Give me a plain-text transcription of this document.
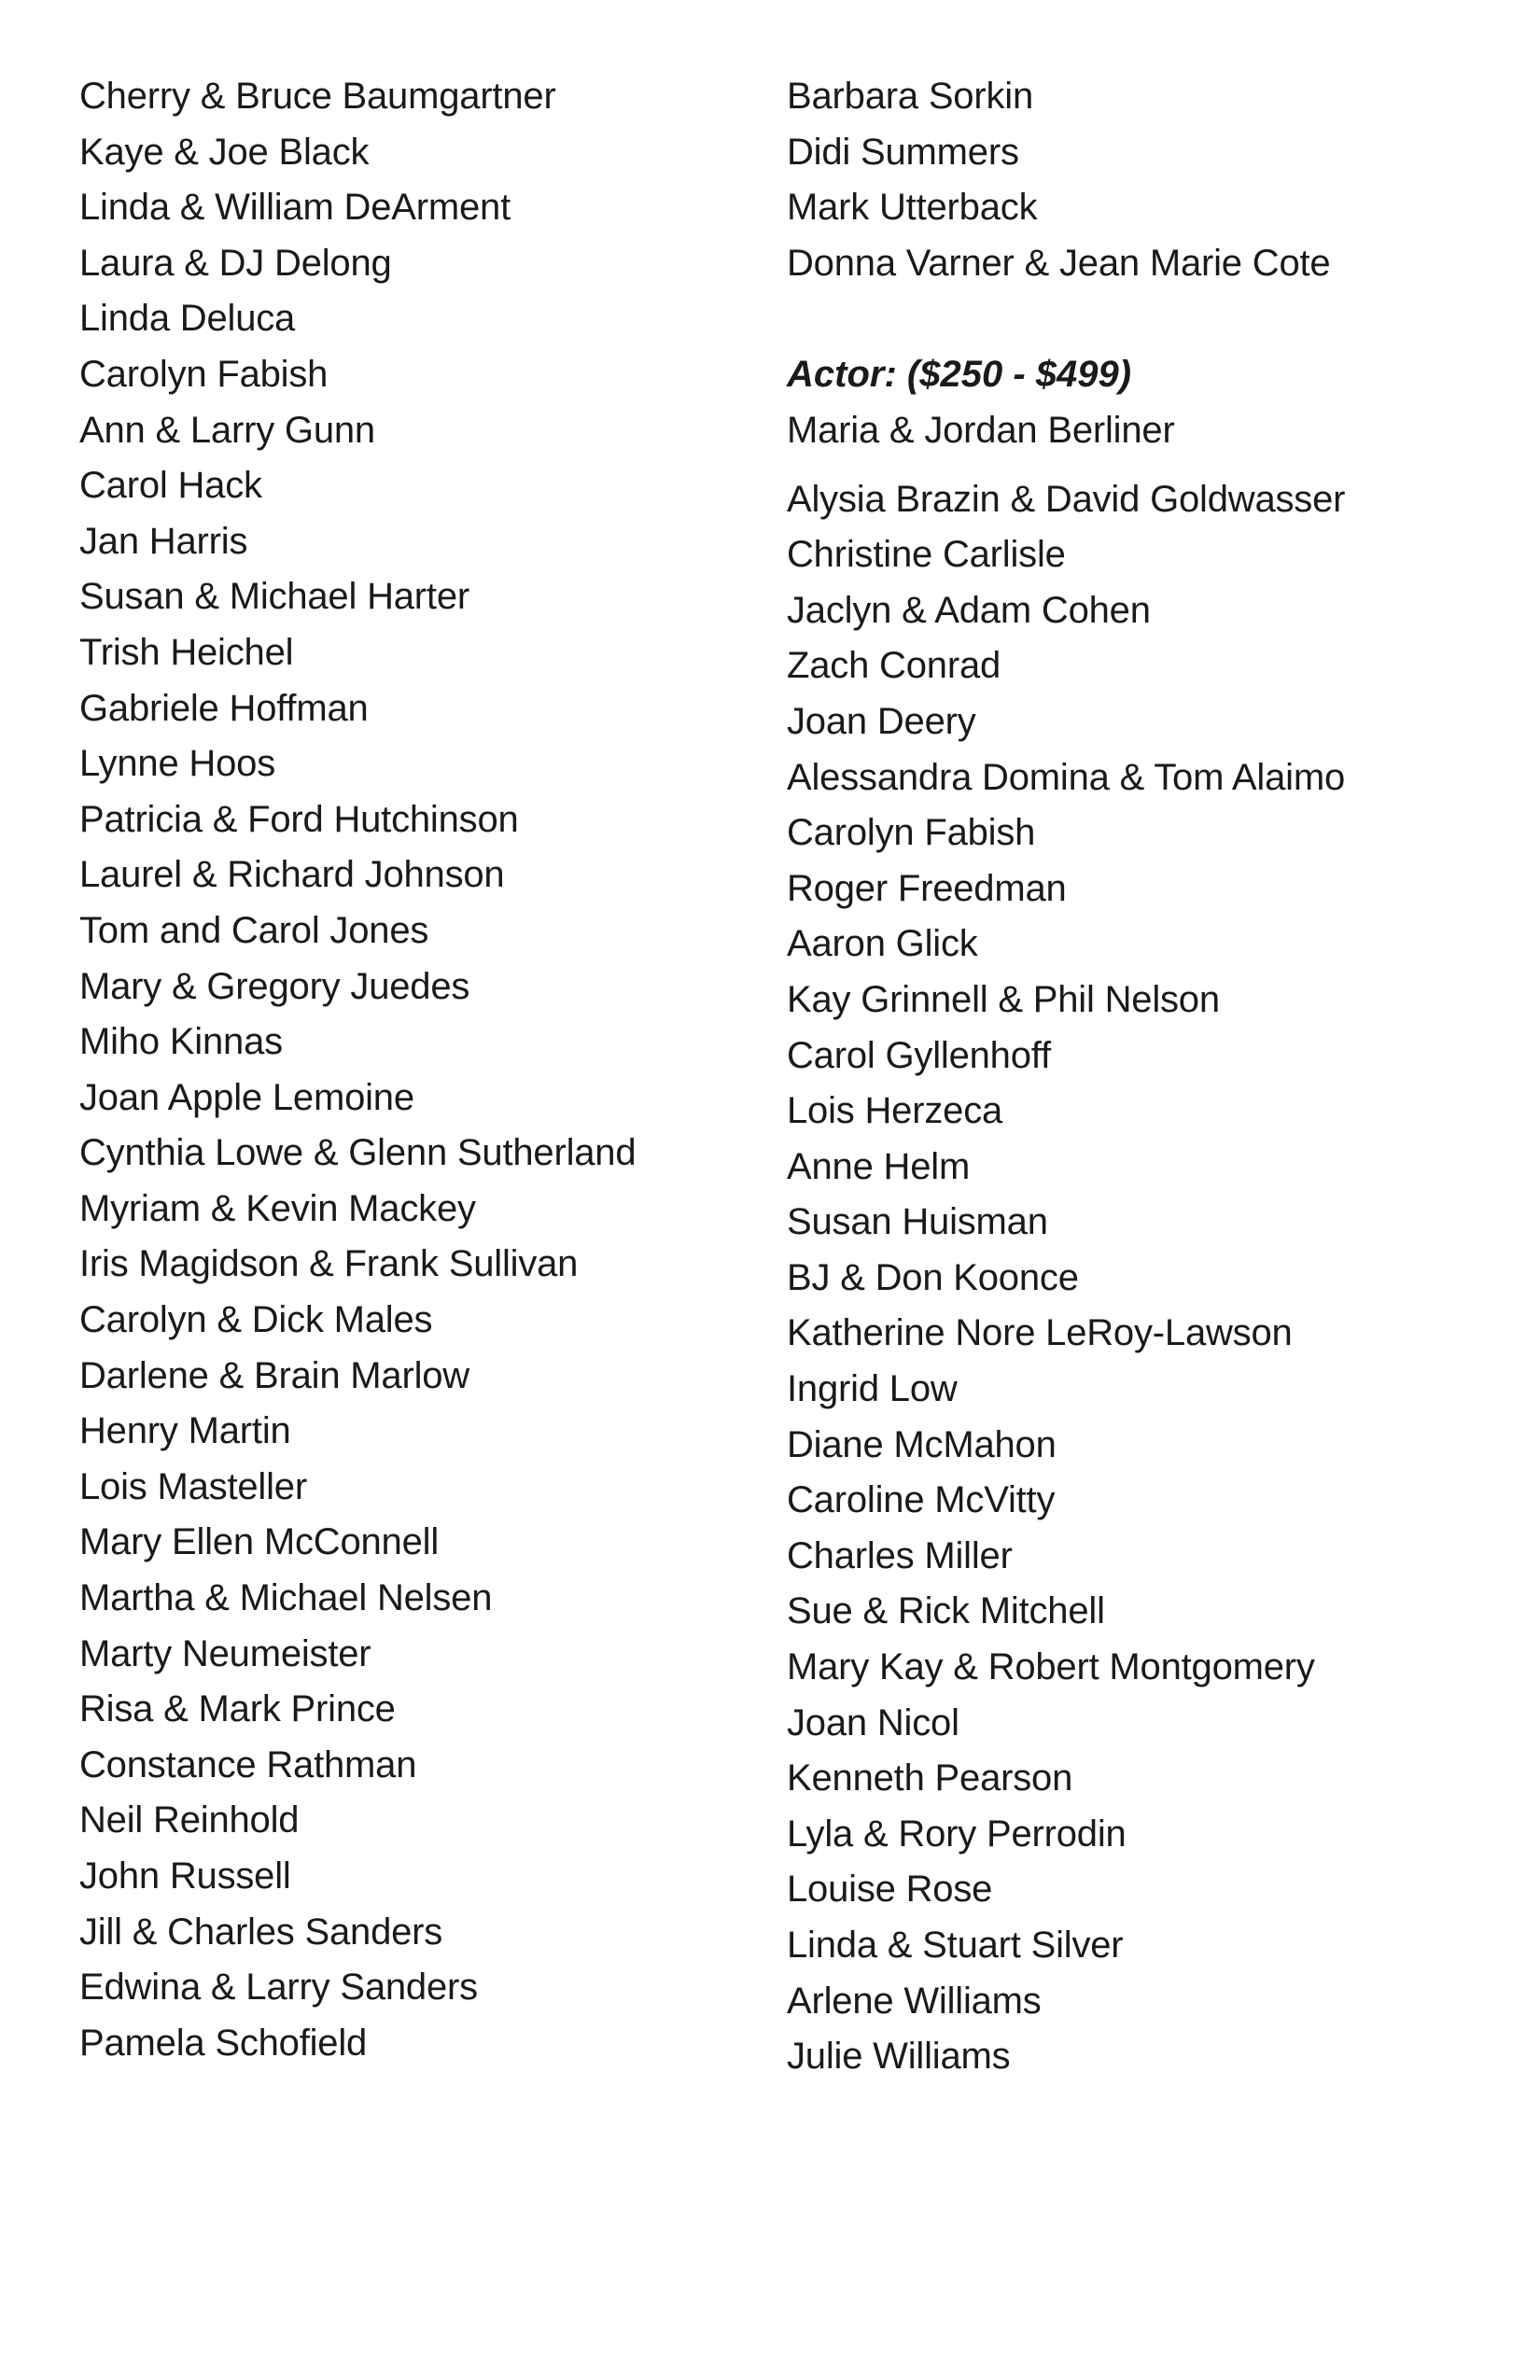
Cherry & Bruce Baumgartner
Kaye & Joe Black
Linda & William DeArment
Laura & DJ Delong
Linda Deluca
Carolyn Fabish
Ann & Larry Gunn
Carol Hack
Jan Harris
Susan & Michael Harter
Trish Heichel
Gabriele Hoffman
Lynne Hoos
Patricia & Ford Hutchinson
Laurel & Richard Johnson
Tom and Carol Jones
Mary & Gregory Juedes
Miho Kinnas
Joan Apple Lemoine
Cynthia Lowe & Glenn Sutherland
Myriam & Kevin Mackey
Iris Magidson & Frank Sullivan
Carolyn & Dick Males
Darlene & Brain Marlow
Henry Martin
Lois Masteller
Mary Ellen McConnell
Martha & Michael Nelsen
Marty Neumeister
Risa & Mark Prince
Constance Rathman
Neil Reinhold
John Russell
Jill & Charles Sanders
Edwina & Larry Sanders
Pamela Schofield
Barbara Sorkin
Didi Summers
Mark Utterback
Donna Varner & Jean Marie Cote
Actor: ($250 - $499)
Maria & Jordan Berliner
Alysia Brazin & David Goldwasser
Christine Carlisle
Jaclyn & Adam Cohen
Zach Conrad
Joan Deery
Alessandra Domina & Tom Alaimo
Carolyn Fabish
Roger Freedman
Aaron Glick
Kay Grinnell & Phil Nelson
Carol Gyllenhoff
Lois Herzeca
Anne Helm
Susan Huisman
BJ & Don Koonce
Katherine Nore LeRoy-Lawson
Ingrid Low
Diane McMahon
Caroline McVitty
Charles Miller
Sue & Rick Mitchell
Mary Kay & Robert Montgomery
Joan Nicol
Kenneth Pearson
Lyla & Rory Perrodin
Louise Rose
Linda & Stuart Silver
Arlene Williams
Julie Williams
